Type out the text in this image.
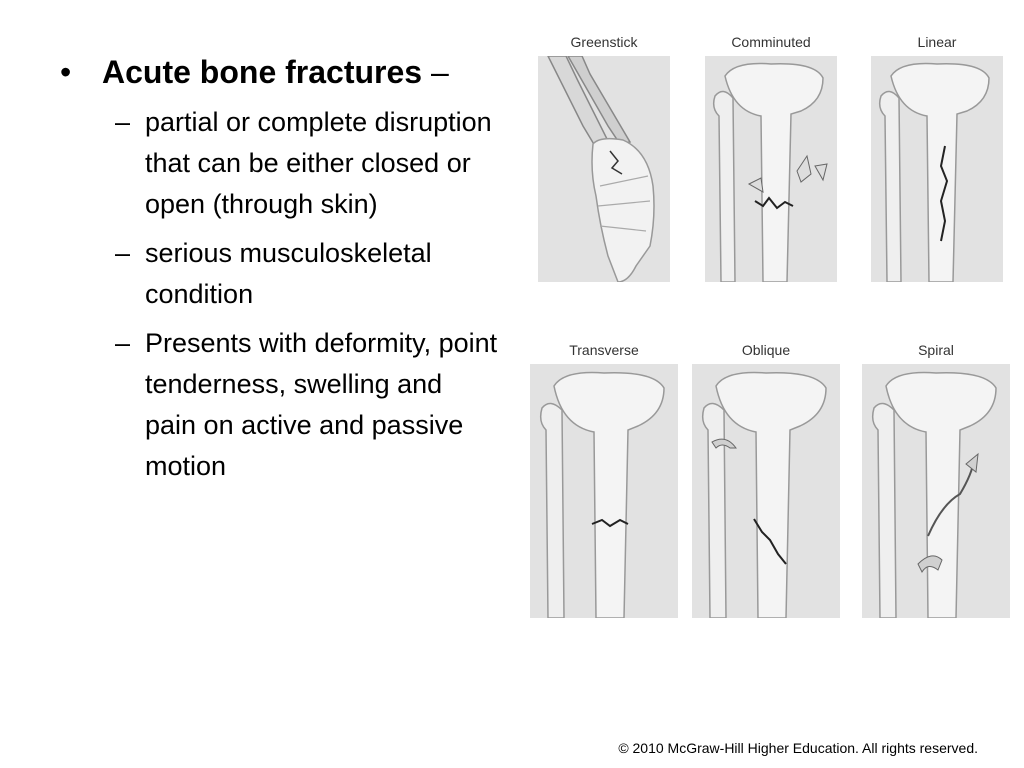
• Acute bone fractures –
– partial or complete disruption that can be either closed or open (through skin)
– serious musculoskeletal condition
– Presents with deformity, point tenderness, swelling and pain on active and passive motion
Greenstick	Comminuted	Linear
Transverse	Oblique	Spiral
© 2010 McGraw-Hill Higher Education. All rights reserved.
